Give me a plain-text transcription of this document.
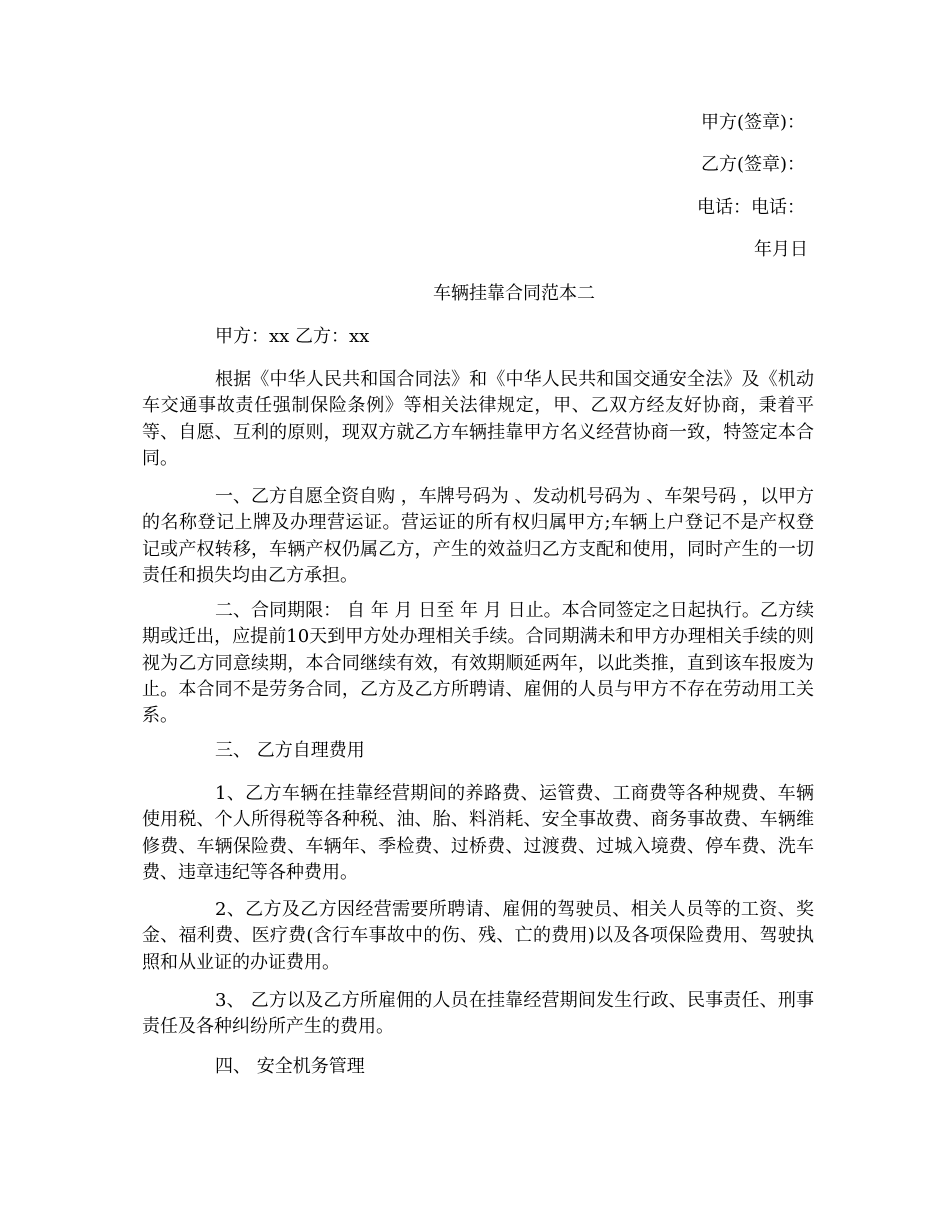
甲方(签章)：
乙方(签章)：
电话：电话：
年月日
车辆挂靠合同范本二
甲方：xx 乙方：xx
根据《中华人民共和国合同法》和《中华人民共和国交通安全法》及《机动车交通事故责任强制保险条例》等相关法律规定，甲、乙双方经友好协商，秉着平等、自愿、互利的原则，现双方就乙方车辆挂靠甲方名义经营协商一致，特签定本合同。
一、乙方自愿全资自购 ，车牌号码为 、发动机号码为 、车架号码 ，以甲方的名称登记上牌及办理营运证。营运证的所有权归属甲方;车辆上户登记不是产权登记或产权转移，车辆产权仍属乙方，产生的效益归乙方支配和使用，同时产生的一切责任和损失均由乙方承担。
二、合同期限： 自 年 月 日至 年 月 日止。本合同签定之日起执行。乙方续期或迁出，应提前10天到甲方处办理相关手续。合同期满未和甲方办理相关手续的则视为乙方同意续期，本合同继续有效，有效期顺延两年，以此类推，直到该车报废为止。本合同不是劳务合同，乙方及乙方所聘请、雇佣的人员与甲方不存在劳动用工关系。
三、 乙方自理费用
1、乙方车辆在挂靠经营期间的养路费、运管费、工商费等各种规费、车辆使用税、个人所得税等各种税、油、胎、料消耗、安全事故费、商务事故费、车辆维修费、车辆保险费、车辆年、季检费、过桥费、过渡费、过城入境费、停车费、洗车费、违章违纪等各种费用。
2、乙方及乙方因经营需要所聘请、雇佣的驾驶员、相关人员等的工资、奖金、福利费、医疗费(含行车事故中的伤、残、亡的费用)以及各项保险费用、驾驶执照和从业证的办证费用。
3、 乙方以及乙方所雇佣的人员在挂靠经营期间发生行政、民事责任、刑事责任及各种纠纷所产生的费用。
四、 安全机务管理
